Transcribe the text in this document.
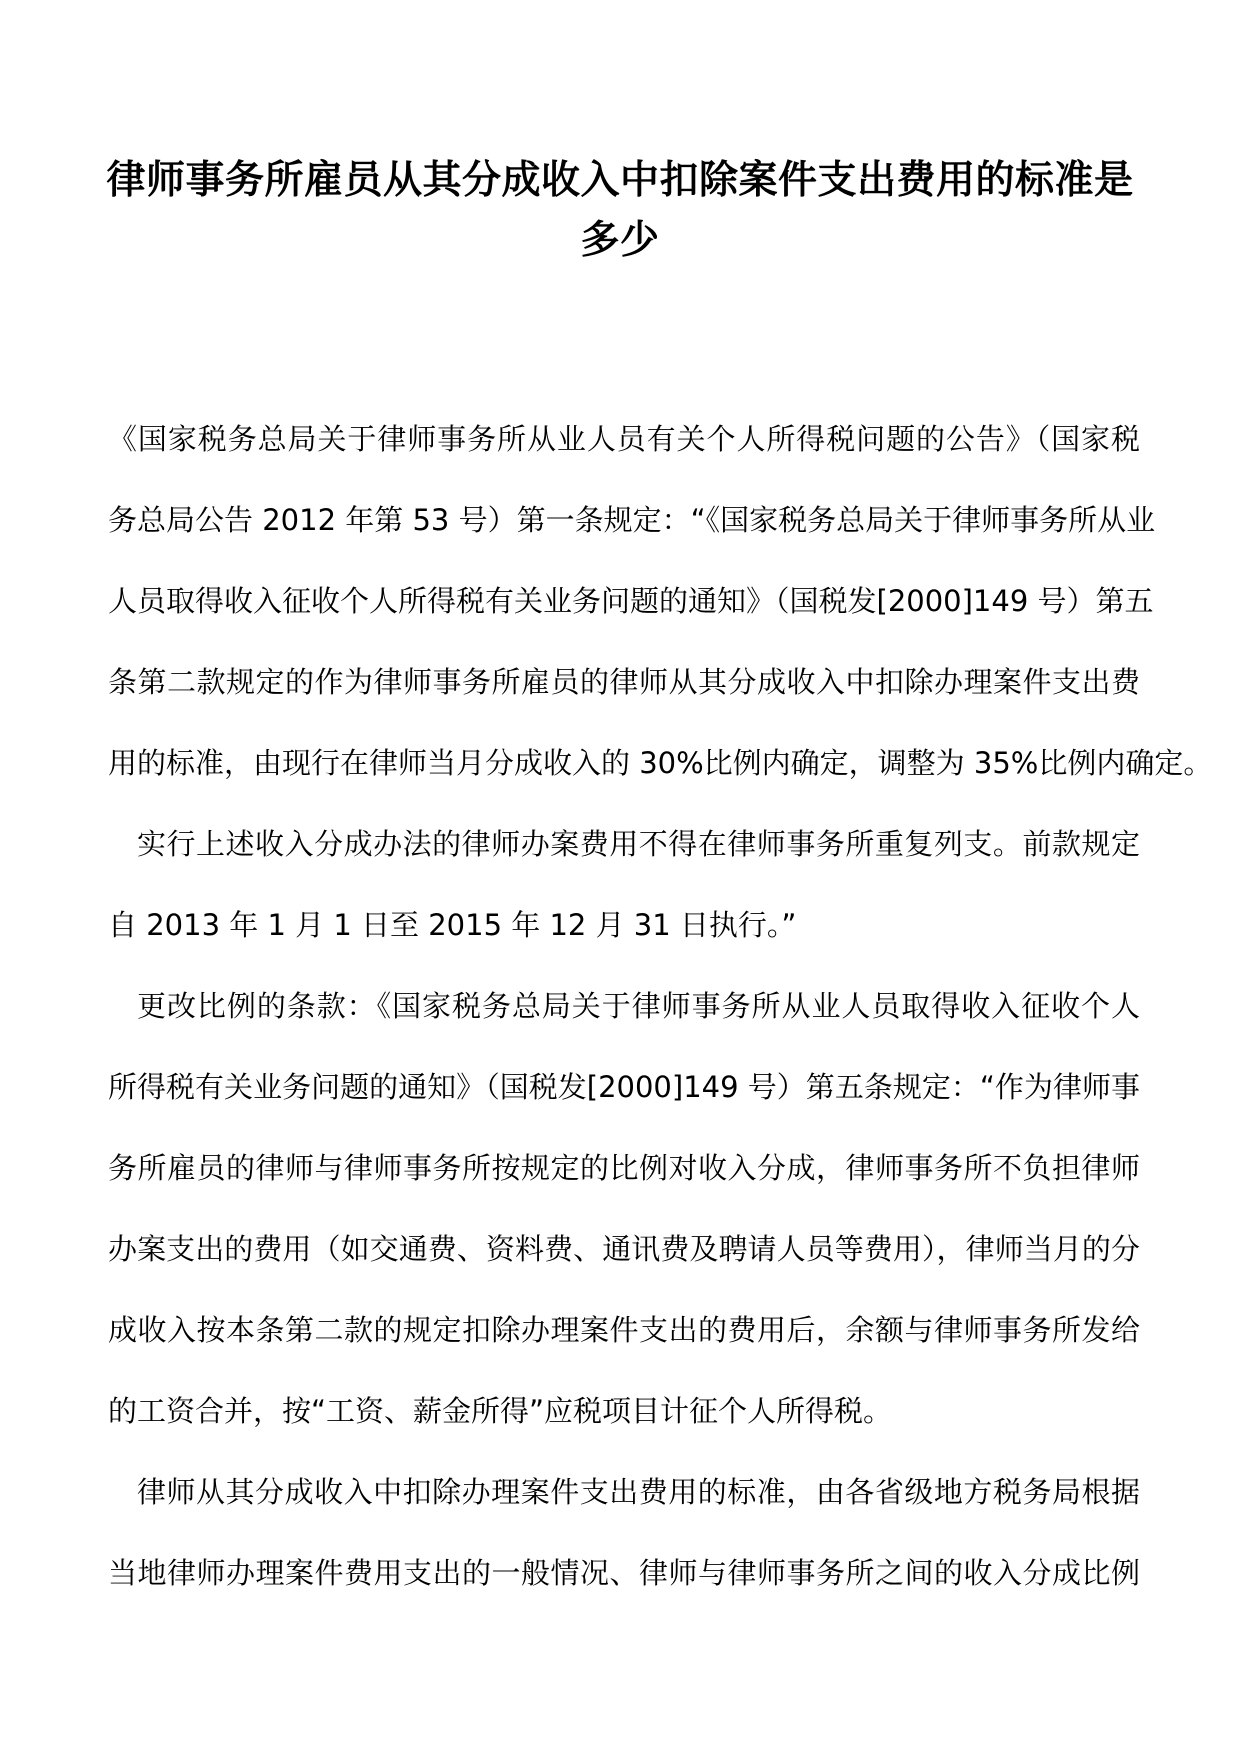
律师事务所雇员从其分成收入中扣除案件支出费用的标准是多少
《国家税务总局关于律师事务所从业人员有关个人所得税问题的公告》（国家税
务总局公告 2012 年第 53 号）第一条规定：“《国家税务总局关于律师事务所从业
人员取得收入征收个人所得税有关业务问题的通知》（国税发[2000]149 号）第五
条第二款规定的作为律师事务所雇员的律师从其分成收入中扣除办理案件支出费
用的标准，由现行在律师当月分成收入的 30%比例内确定，调整为 35%比例内确定。
实行上述收入分成办法的律师办案费用不得在律师事务所重复列支。前款规定
自 2013 年 1 月 1 日至 2015 年 12 月 31 日执行。”
更改比例的条款：《国家税务总局关于律师事务所从业人员取得收入征收个人
所得税有关业务问题的通知》（国税发[2000]149 号）第五条规定：“作为律师事
务所雇员的律师与律师事务所按规定的比例对收入分成，律师事务所不负担律师
办案支出的费用（如交通费、资料费、通讯费及聘请人员等费用），律师当月的分
成收入按本条第二款的规定扣除办理案件支出的费用后，余额与律师事务所发给
的工资合并，按“工资、薪金所得”应税项目计征个人所得税。
律师从其分成收入中扣除办理案件支出费用的标准，由各省级地方税务局根据
当地律师办理案件费用支出的一般情况、律师与律师事务所之间的收入分成比例
